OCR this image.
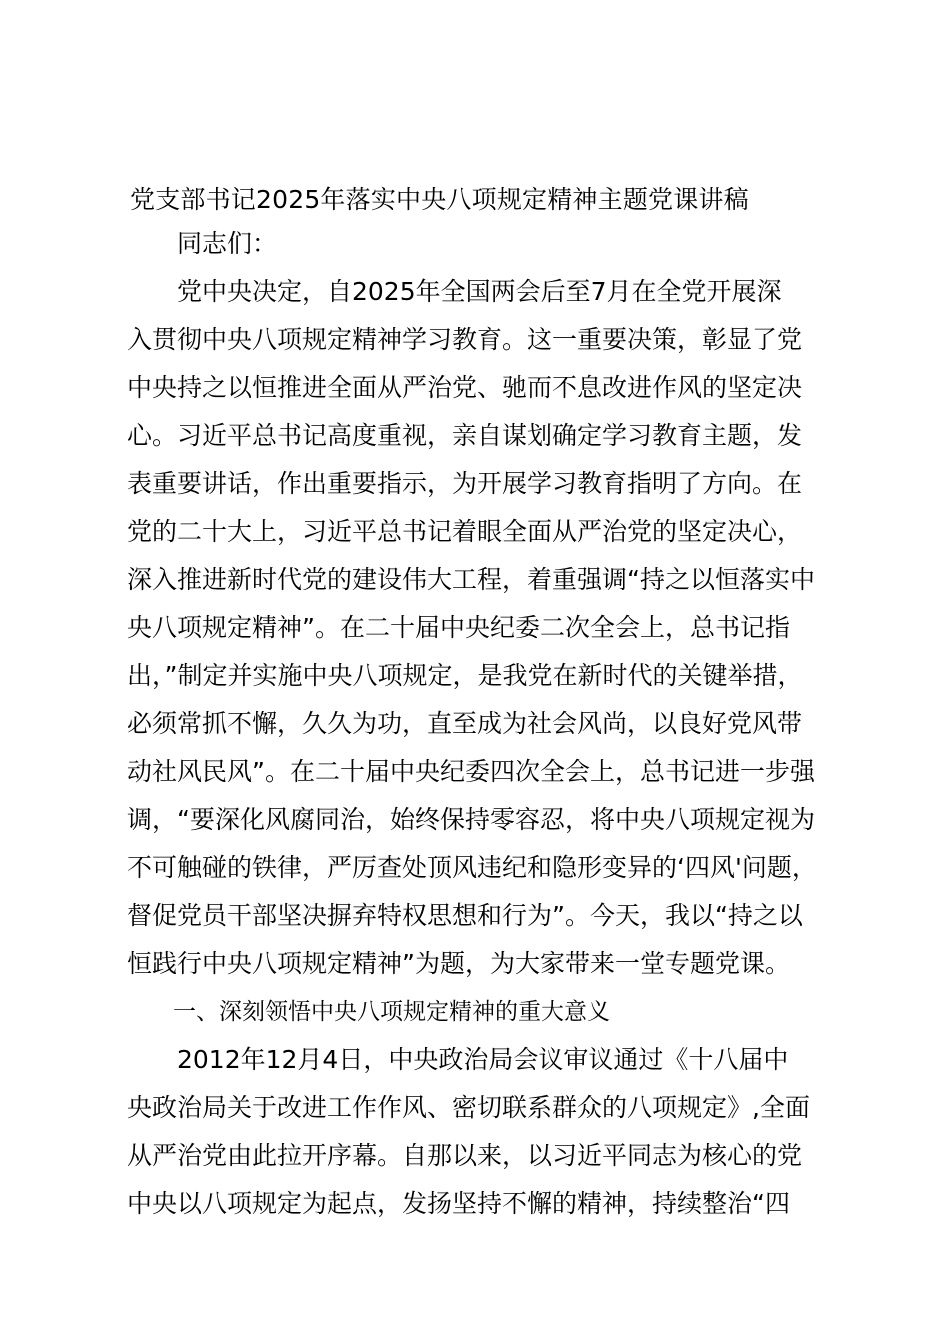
党支部书记2025年落实中央八项规定精神主题党课讲稿
同志们：
党中央决定，自2025年全国两会后至7月在全党开展深
入贯彻中央八项规定精神学习教育。这一重要决策，彰显了党
中央持之以恒推进全面从严治党、驰而不息改进作风的坚定决
心。习近平总书记高度重视，亲自谋划确定学习教育主题，发
表重要讲话，作出重要指示，为开展学习教育指明了方向。在
党的二十大上，习近平总书记着眼全面从严治党的坚定决心，
深入推进新时代党的建设伟大工程，着重强调“持之以恒落实中
央八项规定精神”。在二十届中央纪委二次全会上，总书记指
出，”制定并实施中央八项规定，是我党在新时代的关键举措，
必须常抓不懈，久久为功，直至成为社会风尚，以良好党风带
动社风民风”。在二十届中央纪委四次全会上，总书记进一步强
调，“要深化风腐同治，始终保持零容忍，将中央八项规定视为
不可触碰的铁律，严厉查处顶风违纪和隐形变异的‘四风'问题，
督促党员干部坚决摒弃特权思想和行为”。今天，我以“持之以
恒践行中央八项规定精神”为题，为大家带来一堂专题党课。
一、深刻领悟中央八项规定精神的重大意义
2012年12月4日，中央政治局会议审议通过《十八届中
央政治局关于改进工作作风、密切联系群众的八项规定》,全面
从严治党由此拉开序幕。自那以来，以习近平同志为核心的党
中央以八项规定为起点，发扬坚持不懈的精神，持续整治“四
